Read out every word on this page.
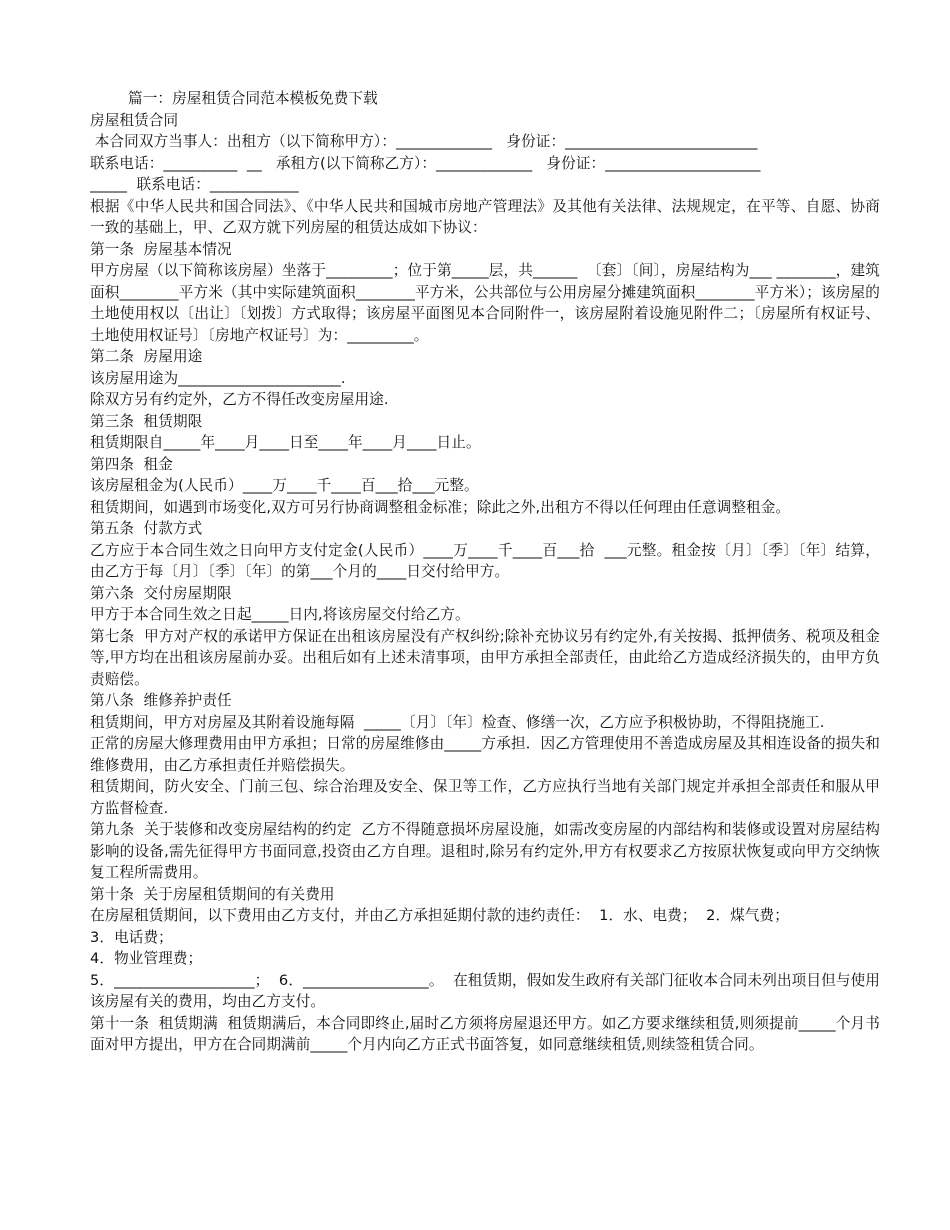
篇一：房屋租赁合同范本模板免费下载
房屋租赁合同
本合同双方当事人：出租方（以下简称甲方）：_____________   身份证：__________________________
联系电话：__________  __   承租方(以下简称乙方）：_____________   身份证：_____________________
_____  联系电话：____________
根据《中华人民共和国合同法》、《中华人民共和国城市房地产管理法》及其他有关法律、法规规定，在平等、自愿、协商一致的基础上，甲、乙双方就下列房屋的租赁达成如下协议：
第一条  房屋基本情况
甲方房屋（以下简称该房屋）坐落于_________；位于第_____层，共______  〔套〕〔间〕，房屋结构为___ ________，建筑面积________平方米（其中实际建筑面积________平方米，公共部位与公用房屋分摊建筑面积________平方米）；该房屋的土地使用权以〔出让〕〔划拨〕方式取得；该房屋平面图见本合同附件一，该房屋附着设施见附件二；〔房屋所有权证号、土地使用权证号〕〔房地产权证号〕为：_________。
第二条  房屋用途
该房屋用途为______________________.
除双方另有约定外，乙方不得任改变房屋用途.
第三条  租赁期限
租赁期限自_____年____月____日至____年____月____日止。
第四条  租金
该房屋租金为(人民币）____万____千____百___拾___元整。
租赁期间，如遇到市场变化,双方可另行协商调整租金标准；除此之外,出租方不得以任何理由任意调整租金。
第五条  付款方式
乙方应于本合同生效之日向甲方支付定金(人民币）____万____千____百___拾  ___元整。租金按〔月〕〔季〕〔年〕结算，由乙方于每〔月〕〔季〕〔年〕的第___个月的____日交付给甲方。
第六条  交付房屋期限
甲方于本合同生效之日起_____日内,将该房屋交付给乙方。
第七条  甲方对产权的承诺甲方保证在出租该房屋没有产权纠纷;除补充协议另有约定外,有关按揭、抵押债务、税项及租金等,甲方均在出租该房屋前办妥。出租后如有上述未清事项，由甲方承担全部责任，由此给乙方造成经济损失的，由甲方负责赔偿。
第八条  维修养护责任
租赁期间，甲方对房屋及其附着设施每隔  _____〔月〕〔年〕检查、修缮一次，乙方应予积极协助，不得阻挠施工.
正常的房屋大修理费用由甲方承担；日常的房屋维修由_____方承担．因乙方管理使用不善造成房屋及其相连设备的损失和维修费用，由乙方承担责任并赔偿损失。
租赁期间，防火安全、门前三包、综合治理及安全、保卫等工作，乙方应执行当地有关部门规定并承担全部责任和服从甲方监督检查.
第九条  关于装修和改变房屋结构的约定  乙方不得随意损坏房屋设施，如需改变房屋的内部结构和装修或设置对房屋结构影响的设备,需先征得甲方书面同意,投资由乙方自理。退租时,除另有约定外,甲方有权要求乙方按原状恢复或向甲方交纳恢复工程所需费用。
第十条  关于房屋租赁期间的有关费用
在房屋租赁期间，以下费用由乙方支付，并由乙方承担延期付款的违约责任：  1．水、电费；  2．煤气费；
3．电话费；
4．物业管理费；
5．___________________；  6．_________________。  在租赁期，假如发生政府有关部门征收本合同未列出项目但与使用该房屋有关的费用，均由乙方支付。
第十一条  租赁期满  租赁期满后，本合同即终止,届时乙方须将房屋退还甲方。如乙方要求继续租赁,则须提前_____个月书面对甲方提出，甲方在合同期满前_____个月内向乙方正式书面答复，如同意继续租赁,则续签租赁合同。
